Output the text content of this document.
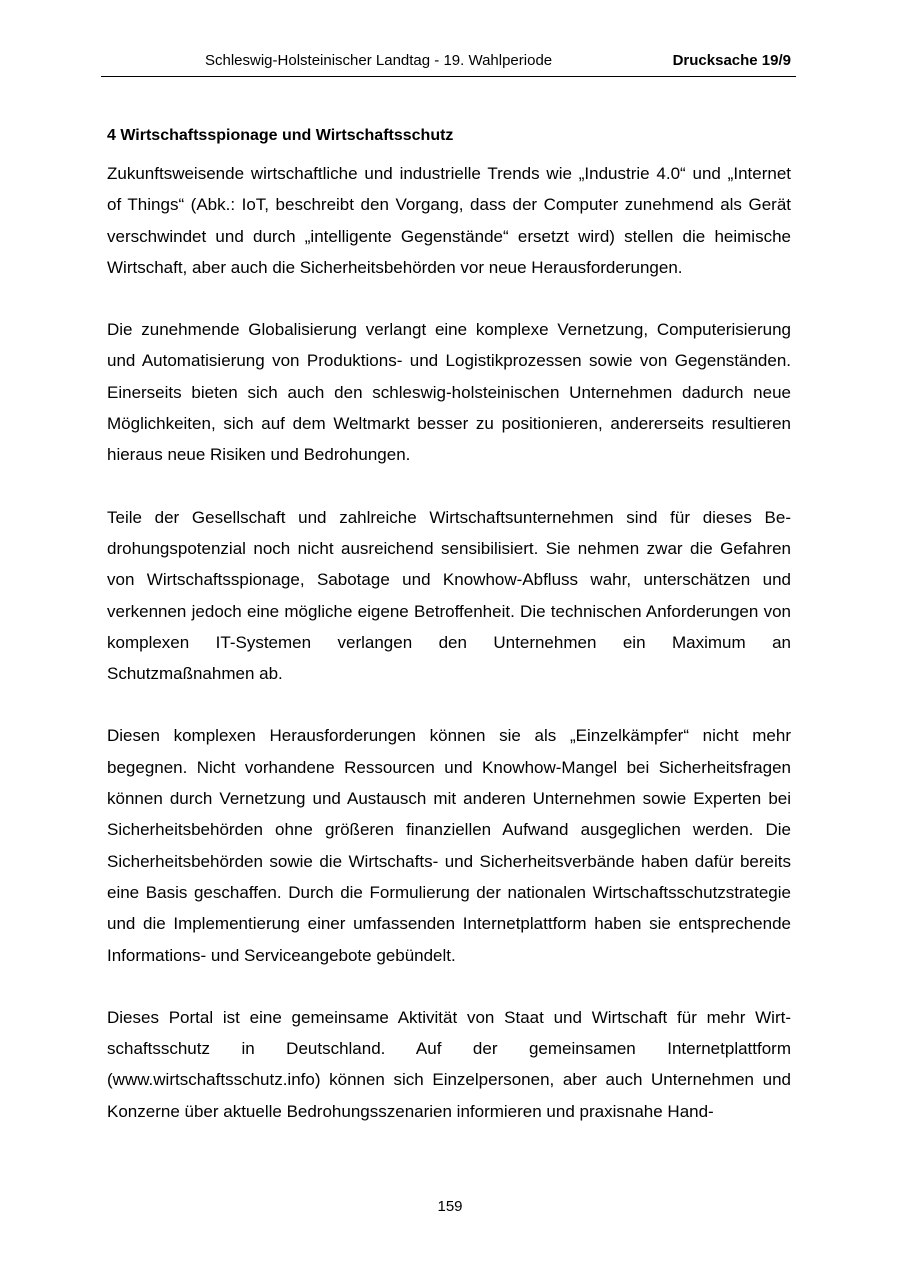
Schleswig-Holsteinischer Landtag - 19. Wahlperiode	Drucksache 19/9
4 Wirtschaftsspionage und Wirtschaftsschutz

Zukunftsweisende wirtschaftliche und industrielle Trends wie „Industrie 4.0“ und „Internet of Things“ (Abk.: IoT, beschreibt den Vorgang, dass der Computer zunehmend als Gerät verschwindet und durch „intelligente Gegenstände“ ersetzt wird) stellen die heimische Wirtschaft, aber auch die Sicherheitsbehörden vor neue Herausforderungen.

Die zunehmende Globalisierung verlangt eine komplexe Vernetzung, Computerisierung und Automatisierung von Produktions- und Logistikprozessen sowie von Gegenständen. Einerseits bieten sich auch den schleswig-holsteinischen Unternehmen dadurch neue Möglichkeiten, sich auf dem Weltmarkt besser zu positionieren, andererseits resultieren hieraus neue Risiken und Bedrohungen.

Teile der Gesellschaft und zahlreiche Wirtschaftsunternehmen sind für dieses Bedrohungspotenzial noch nicht ausreichend sensibilisiert. Sie nehmen zwar die Gefahren von Wirtschaftsspionage, Sabotage und Knowhow-Abfluss wahr, unterschätzen und verkennen jedoch eine mögliche eigene Betroffenheit. Die technischen Anforderungen von komplexen IT-Systemen verlangen den Unternehmen ein Maximum an Schutzmaßnahmen ab.

Diesen komplexen Herausforderungen können sie als „Einzelkämpfer“ nicht mehr begegnen. Nicht vorhandene Ressourcen und Knowhow-Mangel bei Sicherheitsfragen können durch Vernetzung und Austausch mit anderen Unternehmen sowie Experten bei Sicherheitsbehörden ohne größeren finanziellen Aufwand ausgeglichen werden. Die Sicherheitsbehörden sowie die Wirtschafts- und Sicherheitsverbände haben dafür bereits eine Basis geschaffen. Durch die Formulierung der nationalen Wirtschaftsschutzstrategie und die Implementierung einer umfassenden Internetplattform haben sie entsprechende Informations- und Serviceangebote gebündelt.

Dieses Portal ist eine gemeinsame Aktivität von Staat und Wirtschaft für mehr Wirtschaftsschutz in Deutschland. Auf der gemeinsamen Internetplattform (www.wirtschaftsschutz.info) können sich Einzelpersonen, aber auch Unternehmen und Konzerne über aktuelle Bedrohungsszenarien informieren und praxisnahe Hand-

159
